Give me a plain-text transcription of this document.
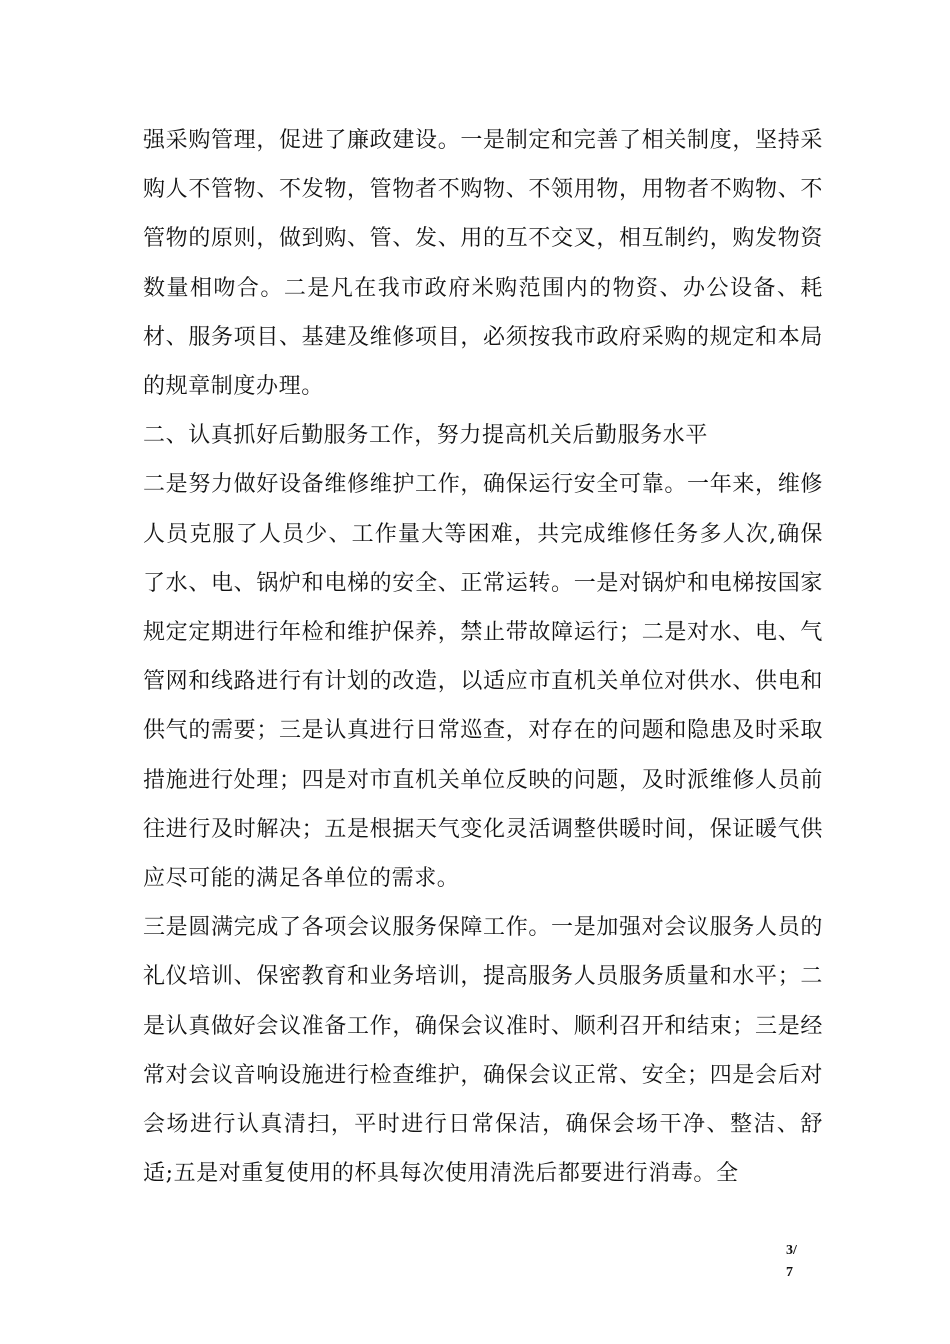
强采购管理，促进了廉政建设。一是制定和完善了相关制度，坚持采购人不管物、不发物，管物者不购物、不领用物，用物者不购物、不管物的原则，做到购、管、发、用的互不交叉，相互制约，购发物资数量相吻合。二是凡在我市政府米购范围内的物资、办公设备、耗材、服务项目、基建及维修项目，必须按我市政府采购的规定和本局的规章制度办理。

二、认真抓好后勤服务工作，努力提高机关后勤服务水平

二是努力做好设备维修维护工作，确保运行安全可靠。一年来，维修人员克服了人员少、工作量大等困难，共完成维修任务多人次,确保了水、电、锅炉和电梯的安全、正常运转。一是对锅炉和电梯按国家规定定期进行年检和维护保养，禁止带故障运行；二是对水、电、气管网和线路进行有计划的改造，以适应市直机关单位对供水、供电和供气的需要；三是认真进行日常巡查，对存在的问题和隐患及时采取措施进行处理；四是对市直机关单位反映的问题，及时派维修人员前往进行及时解决；五是根据天气变化灵活调整供暖时间，保证暖气供应尽可能的满足各单位的需求。

三是圆满完成了各项会议服务保障工作。一是加强对会议服务人员的礼仪培训、保密教育和业务培训，提高服务人员服务质量和水平；二是认真做好会议准备工作，确保会议准时、顺利召开和结束；三是经常对会议音响设施进行检查维护，确保会议正常、安全；四是会后对会场进行认真清扫，平时进行日常保洁，确保会场干净、整洁、舒适;五是对重复使用的杯具每次使用清洗后都要进行消毒。全

3/
7
